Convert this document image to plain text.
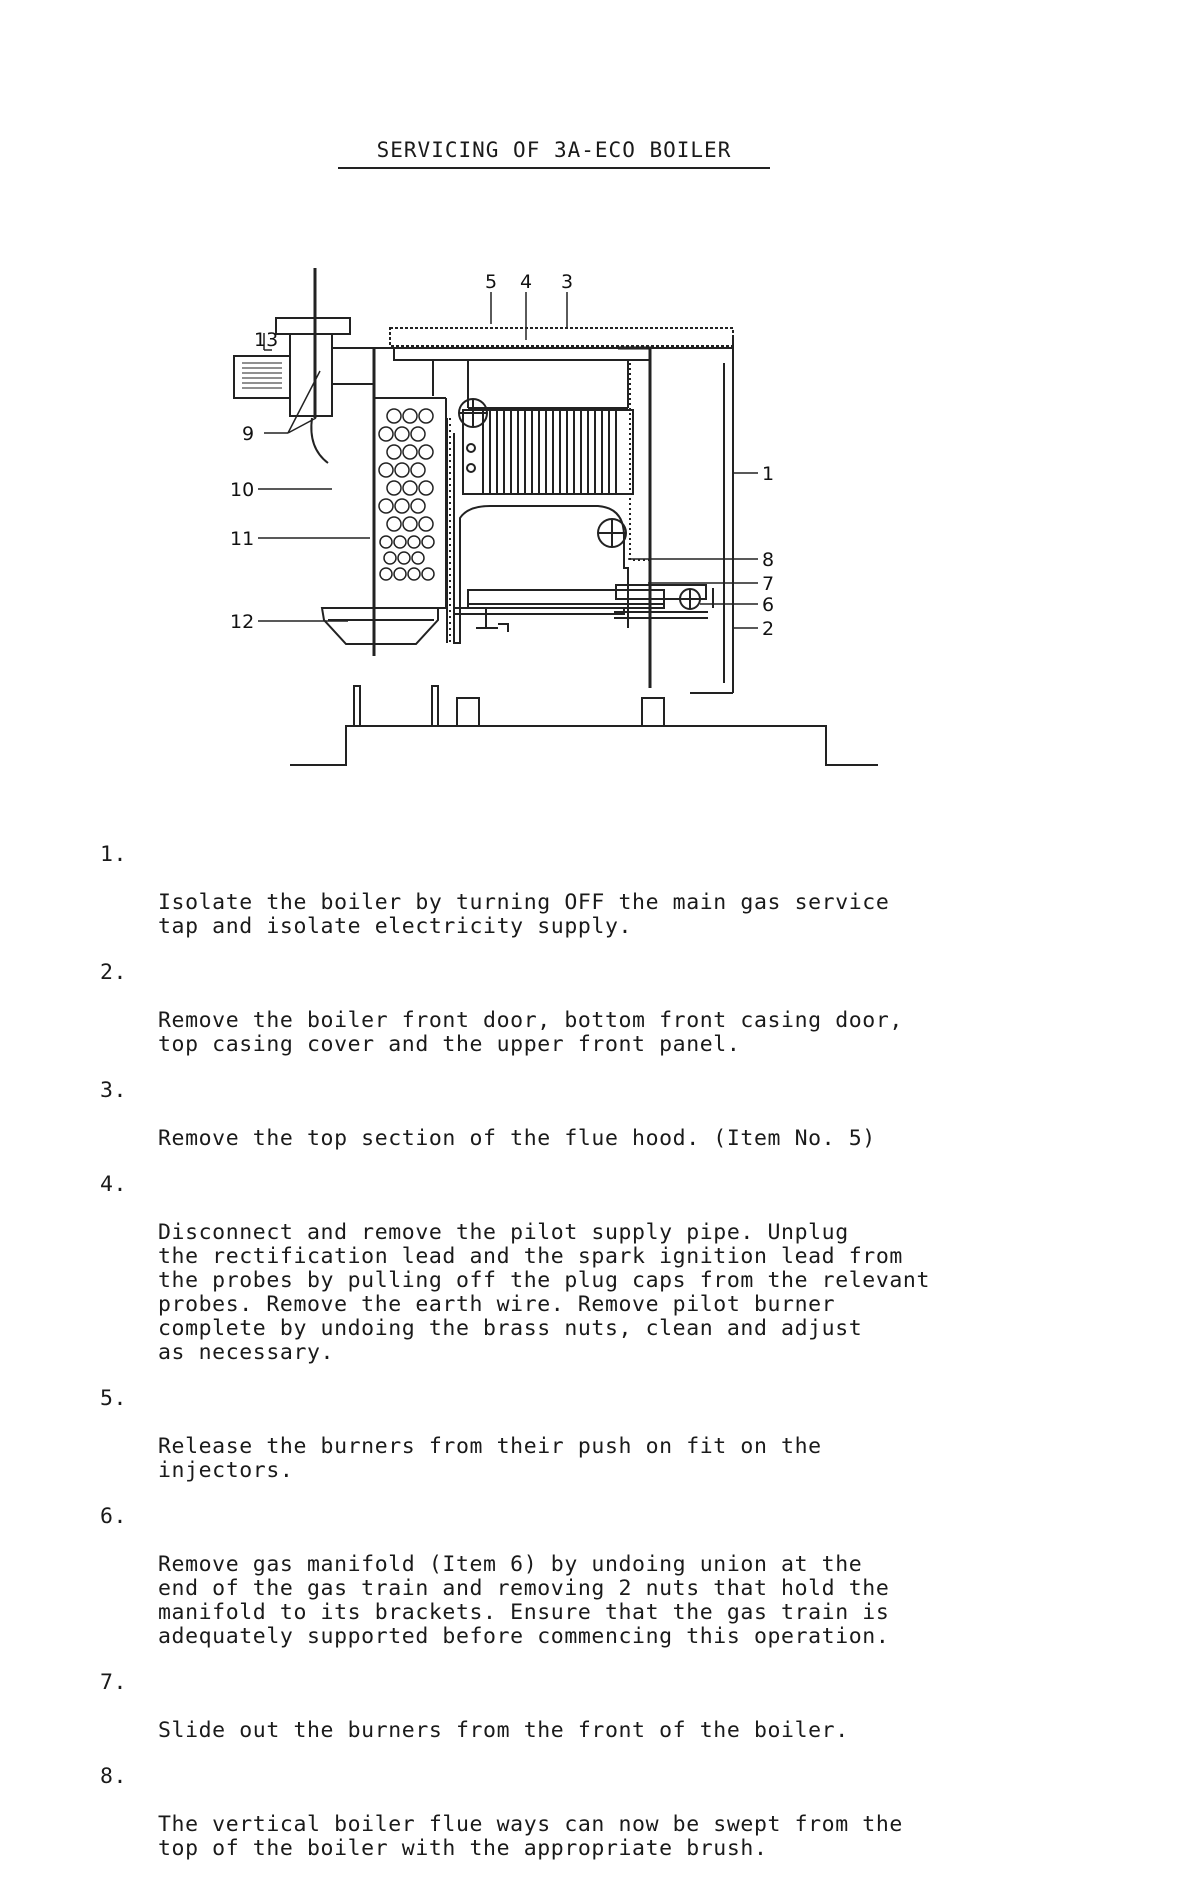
SERVICING OF 3A-ECO BOILER
13
9
10
11
12
5 4 3
1
8
7
6
2

1.

Isolate the boiler by turning OFF the main gas service
tap and isolate electricity supply.

2.

Remove the boiler front door, bottom front casing door,
top casing cover and the upper front panel.

3.

Remove the top section of the flue hood. (Item No. 5)

4.

Disconnect and remove the pilot supply pipe. Unplug
the rectification lead and the spark ignition lead from
the probes by pulling off the plug caps from the relevant
probes. Remove the earth wire. Remove pilot burner
complete by undoing the brass nuts, clean and adjust
as necessary.

5.

Release the burners from their push on fit on the
injectors.

6.

Remove gas manifold (Item 6) by undoing union at the
end of the gas train and removing 2 nuts that hold the
manifold to its brackets. Ensure that the gas train is
adequately supported before commencing this operation.

7.

Slide out the burners from the front of the boiler.

8.

The vertical boiler flue ways can now be swept from the
top of the boiler with the appropriate brush.
